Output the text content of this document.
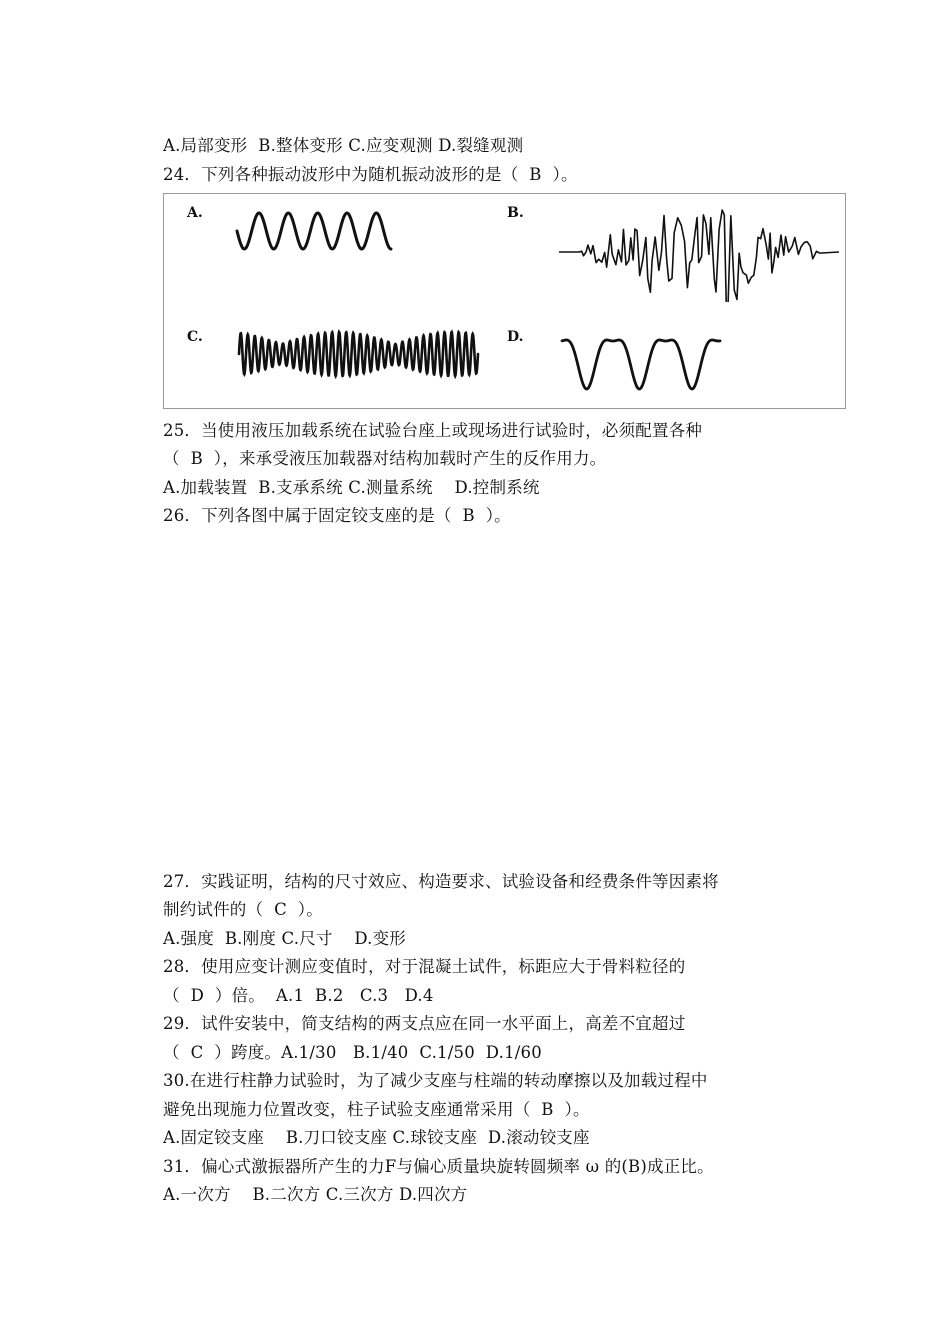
A.局部变形  B.整体变形 C.应变观测 D.裂缝观测
24．下列各种振动波形中为随机振动波形的是（  B  ）。
A.	B.
C.	D.
25．当使用液压加载系统在试验台座上或现场进行试验时，必须配置各种
（  B  ），来承受液压加载器对结构加载时产生的反作用力。
A.加载装置  B.支承系统 C.测量系统    D.控制系统
26．下列各图中属于固定铰支座的是（  B  ）。
27．实践证明，结构的尺寸效应、构造要求、试验设备和经费条件等因素将
制约试件的（  C  ）。
A.强度  B.刚度 C.尺寸    D.变形
28．使用应变计测应变值时，对于混凝土试件，标距应大于骨料粒径的
（  D  ）倍。  A.1  B.2   C.3   D.4
29．试件安装中，简支结构的两支点应在同一水平面上，高差不宜超过
（  C  ）跨度。A.1/30   B.1/40  C.1/50  D.1/60
30.在进行柱静力试验时，为了减少支座与柱端的转动摩擦以及加载过程中
避免出现施力位置改变，柱子试验支座通常采用（  B  ）。
A.固定铰支座    B.刀口铰支座 C.球铰支座  D.滚动铰支座
31．偏心式激振器所产生的力F与偏心质量块旋转圆频率 ω 的(B)成正比。
A.一次方    B.二次方 C.三次方 D.四次方
